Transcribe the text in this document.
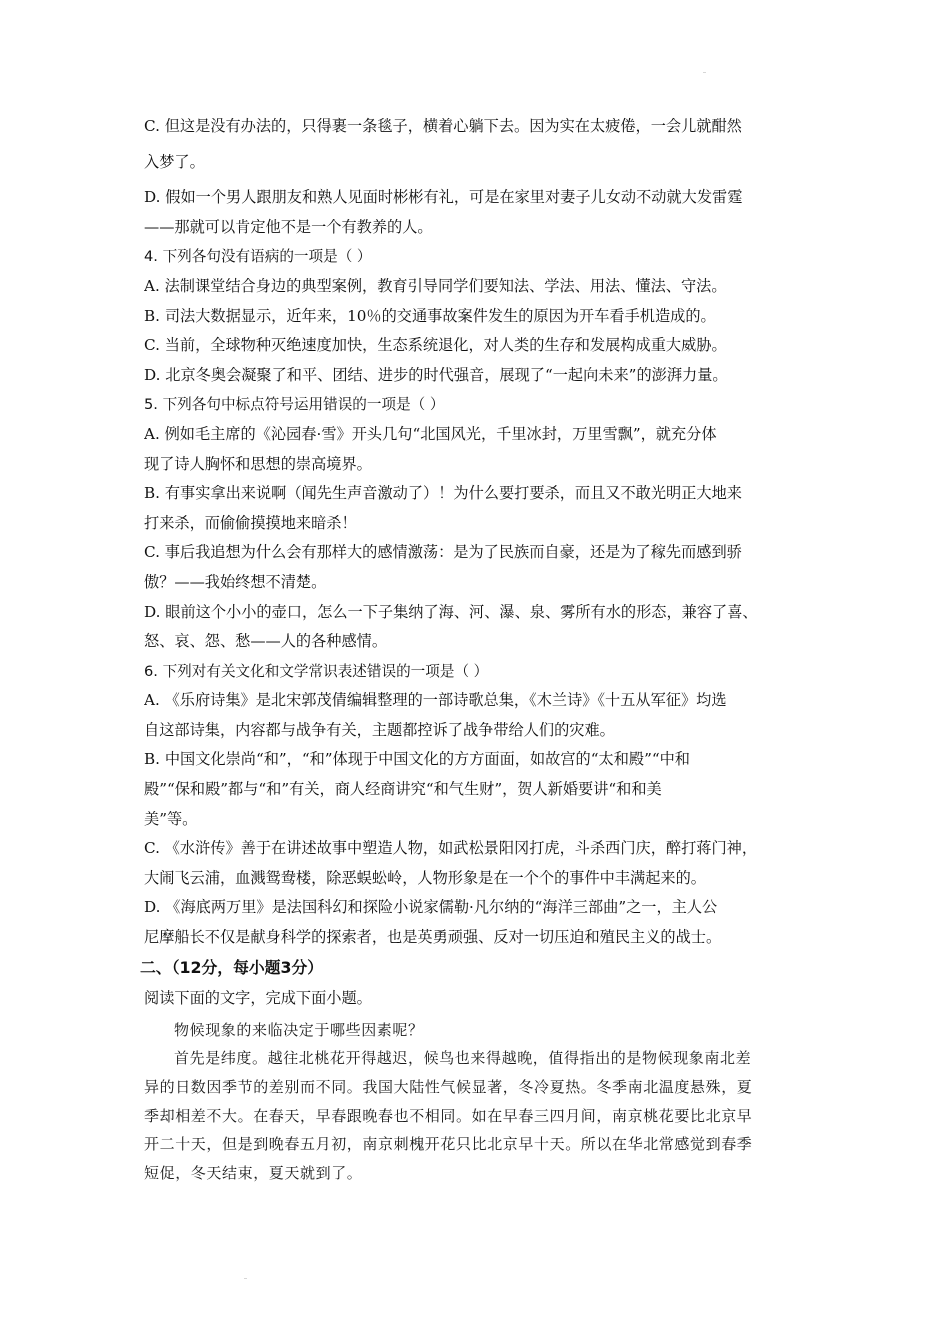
C. 但这是没有办法的，只得裹一条毯子，横着心躺下去。因为实在太疲倦，一会儿就酣然
入梦了。
D. 假如一个男人跟朋友和熟人见面时彬彬有礼，可是在家里对妻子儿女动不动就大发雷霆
——那就可以肯定他不是一个有教养的人。
4. 下列各句没有语病的一项是（ ）
A. 法制课堂结合身边的典型案例，教育引导同学们要知法、学法、用法、懂法、守法。
B. 司法大数据显示，近年来，10％的交通事故案件发生的原因为开车看手机造成的。
C. 当前，全球物种灭绝速度加快，生态系统退化，对人类的生存和发展构成重大威胁。
D. 北京冬奥会凝聚了和平、团结、进步的时代强音，展现了“一起向未来”的澎湃力量。
5. 下列各句中标点符号运用错误的一项是（ ）
A. 例如毛主席的《沁园春·雪》开头几句“北国风光，千里冰封，万里雪飘”，就充分体
现了诗人胸怀和思想的崇高境界。
B. 有事实拿出来说啊（闻先生声音激动了）！为什么要打要杀，而且又不敢光明正大地来
打来杀，而偷偷摸摸地来暗杀！
C. 事后我追想为什么会有那样大的感情激荡：是为了民族而自豪，还是为了稼先而感到骄
傲？——我始终想不清楚。
D. 眼前这个小小的壶口，怎么一下子集纳了海、河、瀑、泉、雾所有水的形态，兼容了喜、
怒、哀、怨、愁——人的各种感情。
6. 下列对有关文化和文学常识表述错误的一项是（ ）
A. 《乐府诗集》是北宋郭茂倩编辑整理的一部诗歌总集，《木兰诗》《十五从军征》均选
自这部诗集，内容都与战争有关，主题都控诉了战争带给人们的灾难。
B. 中国文化崇尚“和”，“和”体现于中国文化的方方面面，如故宫的“太和殿”“中和
殿”“保和殿”都与“和”有关，商人经商讲究“和气生财”，贺人新婚要讲“和和美
美”等。
C. 《水浒传》善于在讲述故事中塑造人物，如武松景阳冈打虎，斗杀西门庆，醉打蒋门神，
大闹飞云浦，血溅鸳鸯楼，除恶蜈蚣岭，人物形象是在一个个的事件中丰满起来的。
D. 《海底两万里》是法国科幻和探险小说家儒勒·凡尔纳的“海洋三部曲”之一，主人公
尼摩船长不仅是献身科学的探索者，也是英勇顽强、反对一切压迫和殖民主义的战士。
二、（12分，每小题3分）
阅读下面的文字，完成下面小题。
物候现象的来临决定于哪些因素呢？
首先是纬度。越往北桃花开得越迟，候鸟也来得越晚，值得指出的是物候现象南北差
异的日数因季节的差别而不同。我国大陆性气候显著，冬冷夏热。冬季南北温度悬殊，夏
季却相差不大。在春天，早春跟晚春也不相同。如在早春三四月间，南京桃花要比北京早
开二十天，但是到晚春五月初，南京刺槐开花只比北京早十天。所以在华北常感觉到春季
短促，冬天结束，夏天就到了。
